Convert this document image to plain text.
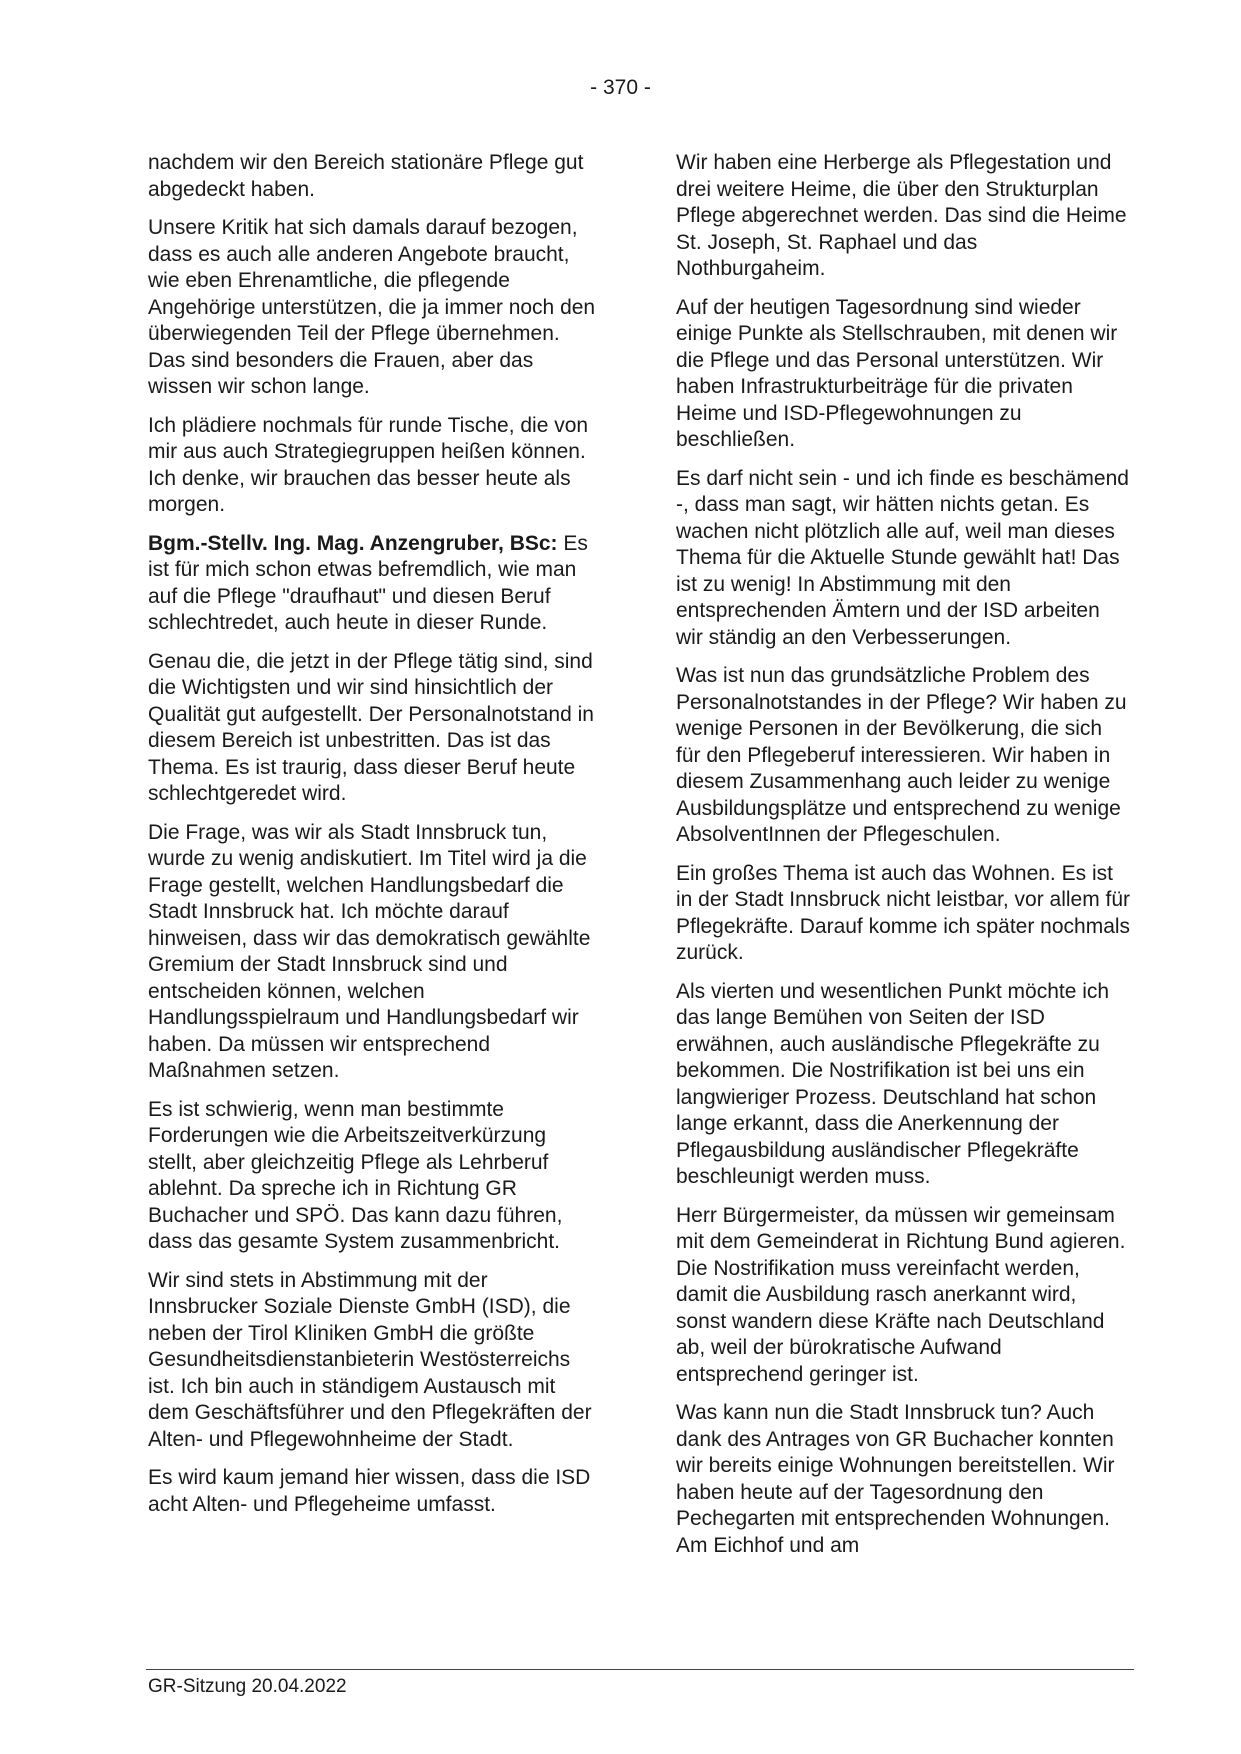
- 370 -

nachdem wir den Bereich stationäre Pflege gut abgedeckt haben.

Unsere Kritik hat sich damals darauf bezogen, dass es auch alle anderen Angebote braucht, wie eben Ehrenamtliche, die pflegende Angehörige unterstützen, die ja immer noch den überwiegenden Teil der Pflege übernehmen. Das sind besonders die Frauen, aber das wissen wir schon lange.

Ich plädiere nochmals für runde Tische, die von mir aus auch Strategiegruppen heißen können. Ich denke, wir brauchen das besser heute als morgen.

Bgm.-Stellv. Ing. Mag. Anzengruber, BSc: Es ist für mich schon etwas befremdlich, wie man auf die Pflege "draufhaut" und diesen Beruf schlechtredet, auch heute in dieser Runde.

Genau die, die jetzt in der Pflege tätig sind, sind die Wichtigsten und wir sind hinsichtlich der Qualität gut aufgestellt. Der Personalnotstand in diesem Bereich ist unbestritten. Das ist das Thema. Es ist traurig, dass dieser Beruf heute schlechtgeredet wird.

Die Frage, was wir als Stadt Innsbruck tun, wurde zu wenig andiskutiert. Im Titel wird ja die Frage gestellt, welchen Handlungsbedarf die Stadt Innsbruck hat. Ich möchte darauf hinweisen, dass wir das demokratisch gewählte Gremium der Stadt Innsbruck sind und entscheiden können, welchen Handlungsspielraum und Handlungsbedarf wir haben. Da müssen wir entsprechend Maßnahmen setzen.

Es ist schwierig, wenn man bestimmte Forderungen wie die Arbeitszeitverkürzung stellt, aber gleichzeitig Pflege als Lehrberuf ablehnt. Da spreche ich in Richtung GR Buchacher und SPÖ. Das kann dazu führen, dass das gesamte System zusammenbricht.

Wir sind stets in Abstimmung mit der Innsbrucker Soziale Dienste GmbH (ISD), die neben der Tirol Kliniken GmbH die größte Gesundheitsdienstanbieterin Westösterreichs ist. Ich bin auch in ständigem Austausch mit dem Geschäftsführer und den Pflegekräften der Alten- und Pflegewohnheime der Stadt.

Es wird kaum jemand hier wissen, dass die ISD acht Alten- und Pflegeheime umfasst.

Wir haben eine Herberge als Pflegestation und drei weitere Heime, die über den Strukturplan Pflege abgerechnet werden. Das sind die Heime St. Joseph, St. Raphael und das Nothburgaheim.

Auf der heutigen Tagesordnung sind wieder einige Punkte als Stellschrauben, mit denen wir die Pflege und das Personal unterstützen. Wir haben Infrastrukturbeiträge für die privaten Heime und ISD-Pflegewohnungen zu beschließen.

Es darf nicht sein - und ich finde es beschämend -, dass man sagt, wir hätten nichts getan. Es wachen nicht plötzlich alle auf, weil man dieses Thema für die Aktuelle Stunde gewählt hat! Das ist zu wenig! In Abstimmung mit den entsprechenden Ämtern und der ISD arbeiten wir ständig an den Verbesserungen.

Was ist nun das grundsätzliche Problem des Personalnotstandes in der Pflege? Wir haben zu wenige Personen in der Bevölkerung, die sich für den Pflegeberuf interessieren. Wir haben in diesem Zusammenhang auch leider zu wenige Ausbildungsplätze und entsprechend zu wenige AbsolventInnen der Pflegeschulen.

Ein großes Thema ist auch das Wohnen. Es ist in der Stadt Innsbruck nicht leistbar, vor allem für Pflegekräfte. Darauf komme ich später nochmals zurück.

Als vierten und wesentlichen Punkt möchte ich das lange Bemühen von Seiten der ISD erwähnen, auch ausländische Pflegekräfte zu bekommen. Die Nostrifikation ist bei uns ein langwieriger Prozess. Deutschland hat schon lange erkannt, dass die Anerkennung der Pflegausbildung ausländischer Pflegekräfte beschleunigt werden muss.

Herr Bürgermeister, da müssen wir gemeinsam mit dem Gemeinderat in Richtung Bund agieren. Die Nostrifikation muss vereinfacht werden, damit die Ausbildung rasch anerkannt wird, sonst wandern diese Kräfte nach Deutschland ab, weil der bürokratische Aufwand entsprechend geringer ist.

Was kann nun die Stadt Innsbruck tun? Auch dank des Antrages von GR Buchacher konnten wir bereits einige Wohnungen bereitstellen. Wir haben heute auf der Tagesordnung den Pechegarten mit entsprechenden Wohnungen. Am Eichhof und am

GR-Sitzung 20.04.2022
